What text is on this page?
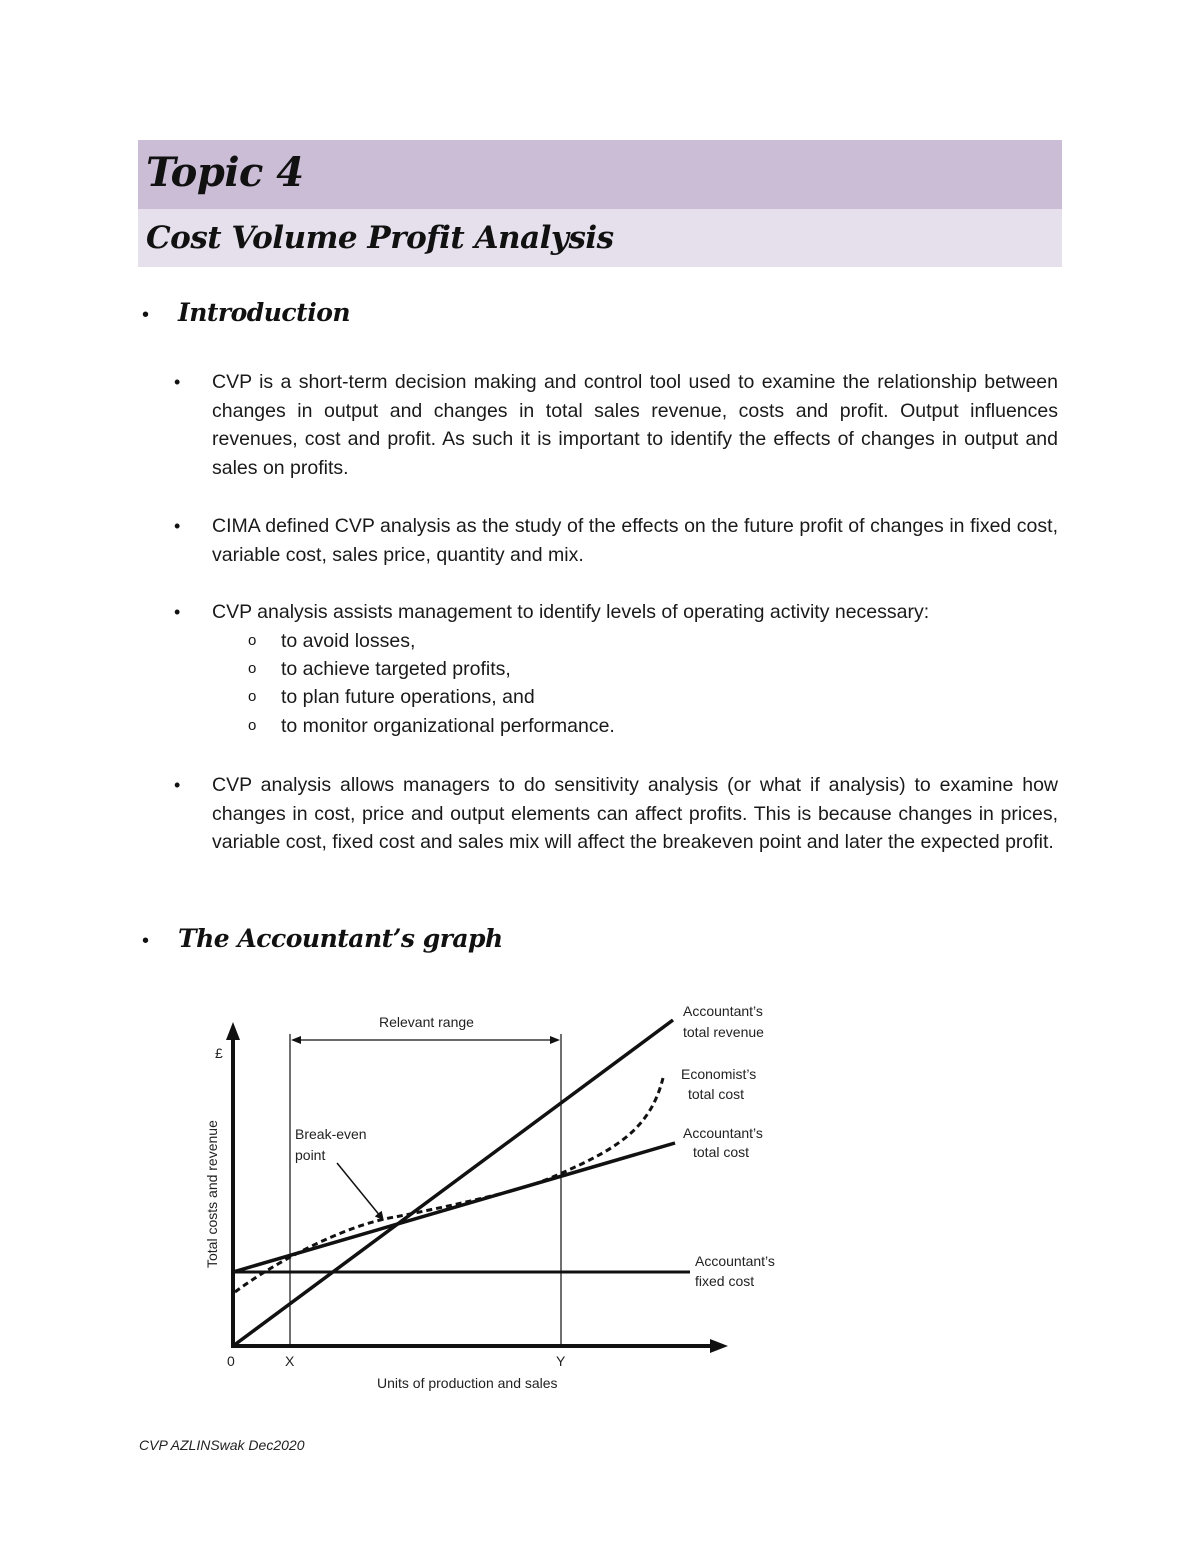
Topic 4
Cost Volume Profit Analysis
• Introduction
• CVP is a short-term decision making and control tool used to examine the relationship between changes in output and changes in total sales revenue, costs and profit. Output influences revenues, cost and profit. As such it is important to identify the effects of changes in output and sales on profits.
• CIMA defined CVP analysis as the study of the effects on the future profit of changes in fixed cost, variable cost, sales price, quantity and mix.
• CVP analysis assists management to identify levels of operating activity necessary:
o to avoid losses,
o to achieve targeted profits,
o to plan future operations, and
o to monitor organizational performance.
• CVP analysis allows managers to do sensitivity analysis (or what if analysis) to examine how changes in cost, price and output elements can affect profits. This is because changes in prices, variable cost, fixed cost and sales mix will affect the breakeven point and later the expected profit.
• The Accountant’s graph
£
Total costs and revenue
Relevant range
Break-even point
Accountant’s total revenue
Economist’s total cost
Accountant’s total cost
Accountant’s fixed cost
0	X	Y
Units of production and sales
CVP AZLINSwak Dec2020
